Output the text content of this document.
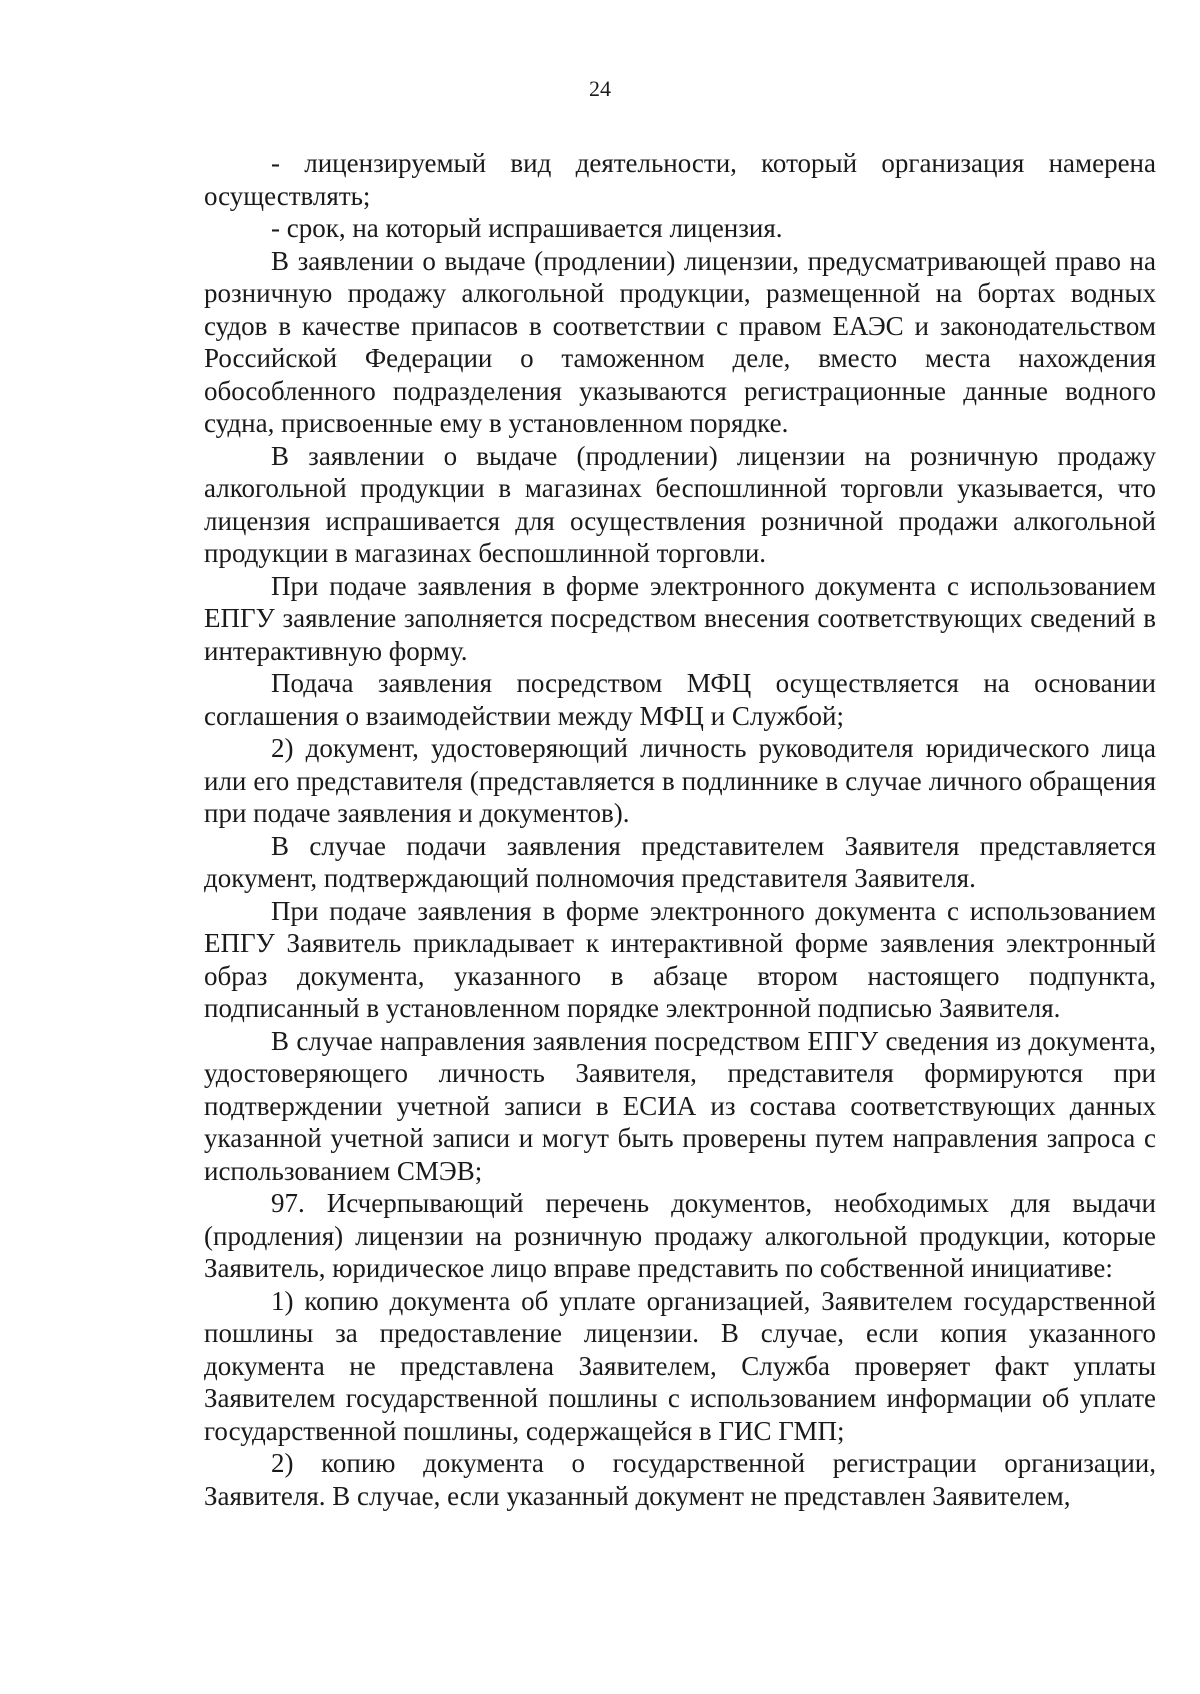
24

- лицензируемый вид деятельности, который организация намерена осуществлять;

- срок, на который испрашивается лицензия.

В заявлении о выдаче (продлении) лицензии, предусматривающей право на розничную продажу алкогольной продукции, размещенной на бортах водных судов в качестве припасов в соответствии с правом ЕАЭС и законодательством Российской Федерации о таможенном деле, вместо места нахождения обособленного подразделения указываются регистрационные данные водного судна, присвоенные ему в установленном порядке.

В заявлении о выдаче (продлении) лицензии на розничную продажу алкогольной продукции в магазинах беспошлинной торговли указывается, что лицензия испрашивается для осуществления розничной продажи алкогольной продукции в магазинах беспошлинной торговли.

При подаче заявления в форме электронного документа с использованием ЕПГУ заявление заполняется посредством внесения соответствующих сведений в интерактивную форму.

Подача заявления посредством МФЦ осуществляется на основании соглашения о взаимодействии между МФЦ и Службой;

2) документ, удостоверяющий личность руководителя юридического лица или его представителя (представляется в подлиннике в случае личного обращения при подаче заявления и документов).

В случае подачи заявления представителем Заявителя представляется документ, подтверждающий полномочия представителя Заявителя.

При подаче заявления в форме электронного документа с использованием ЕПГУ Заявитель прикладывает к интерактивной форме заявления электронный образ документа, указанного в абзаце втором настоящего подпункта, подписанный в установленном порядке электронной подписью Заявителя.

В случае направления заявления посредством ЕПГУ сведения из документа, удостоверяющего личность Заявителя, представителя формируются при подтверждении учетной записи в ЕСИА из состава соответствующих данных указанной учетной записи и могут быть проверены путем направления запроса с использованием СМЭВ;

97. Исчерпывающий перечень документов, необходимых для выдачи (продления) лицензии на розничную продажу алкогольной продукции, которые Заявитель, юридическое лицо вправе представить по собственной инициативе:

1) копию документа об уплате организацией, Заявителем государственной пошлины за предоставление лицензии. В случае, если копия указанного документа не представлена Заявителем, Служба проверяет факт уплаты Заявителем государственной пошлины с использованием информации об уплате государственной пошлины, содержащейся в ГИС ГМП;

2) копию документа о государственной регистрации организации, Заявителя. В случае, если указанный документ не представлен Заявителем,
